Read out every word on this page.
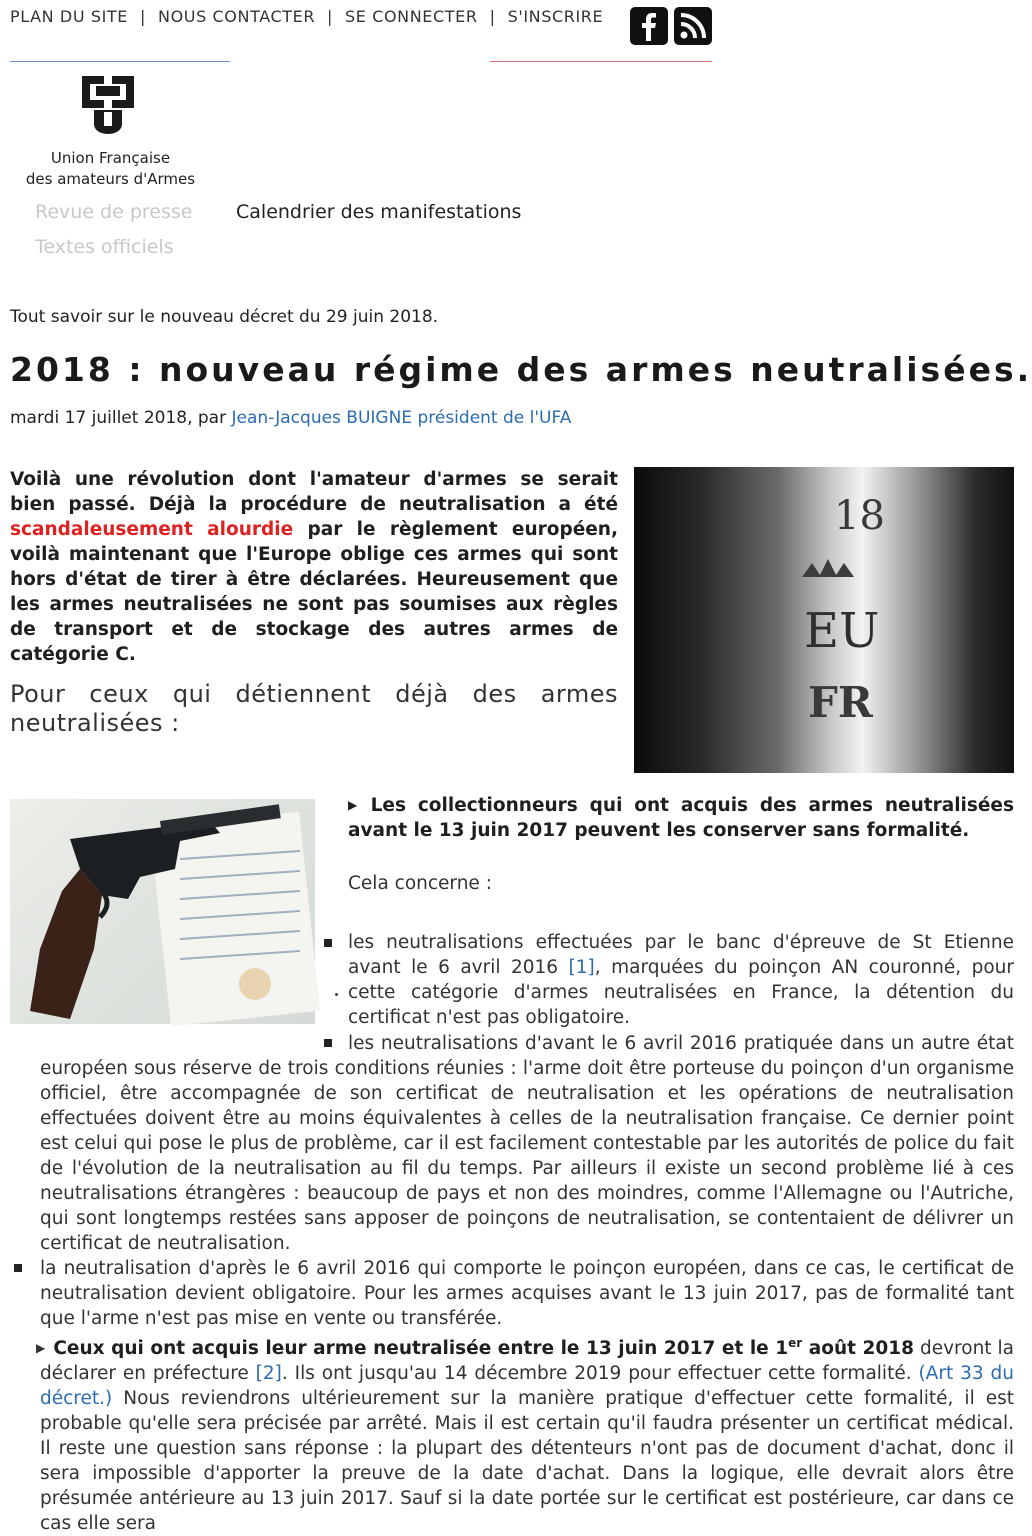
PLAN DU SITE | NOUS CONTACTER | SE CONNECTER | S'INSCRIRE
Union Française
des amateurs d'Armes
Revue de presse Calendrier des manifestations
Textes officiels
Tout savoir sur le nouveau décret du 29 juin 2018.
2018 : nouveau régime des armes neutralisées.
mardi 17 juillet 2018, par Jean-Jacques BUIGNE président de l'UFA
Voilà une révolution dont l'amateur d'armes se serait bien passé. Déjà la procédure de neutralisation a été scandaleusement alourdie par le règlement européen, voilà maintenant que l'Europe oblige ces armes qui sont hors d'état de tirer à être déclarées. Heureusement que les armes neutralisées ne sont pas soumises aux règles de transport et de stockage des autres armes de catégorie C.
Pour ceux qui détiennent déjà des armes neutralisées :
18
EU
FR
▶ Les collectionneurs qui ont acquis des armes neutralisées avant le 13 juin 2017 peuvent les conserver sans formalité.
Cela concerne :
les neutralisations effectuées par le banc d'épreuve de St Etienne avant le 6 avril 2016 [1], marquées du poinçon AN couronné, pour cette catégorie d'armes neutralisées en France, la détention du certificat n'est pas obligatoire.
les neutralisations d'avant le 6 avril 2016 pratiquée dans un autre état européen sous réserve de trois conditions réunies : l'arme doit être porteuse du poinçon d'un organisme officiel, être accompagnée de son certificat de neutralisation et les opérations de neutralisation effectuées doivent être au moins équivalentes à celles de la neutralisation française. Ce dernier point est celui qui pose le plus de problème, car il est facilement contestable par les autorités de police du fait de l'évolution de la neutralisation au fil du temps. Par ailleurs il existe un second problème lié à ces neutralisations étrangères : beaucoup de pays et non des moindres, comme l'Allemagne ou l'Autriche, qui sont longtemps restées sans apposer de poinçons de neutralisation, se contentaient de délivrer un certificat de neutralisation.
la neutralisation d'après le 6 avril 2016 qui comporte le poinçon européen, dans ce cas, le certificat de neutralisation devient obligatoire. Pour les armes acquises avant le 13 juin 2017, pas de formalité tant que l'arme n'est pas mise en vente ou transférée.
▶ Ceux qui ont acquis leur arme neutralisée entre le 13 juin 2017 et le 1er août 2018 devront la déclarer en préfecture [2]. Ils ont jusqu'au 14 décembre 2019 pour effectuer cette formalité. (Art 33 du décret.) Nous reviendrons ultérieurement sur la manière pratique d'effectuer cette formalité, il est probable qu'elle sera précisée par arrêté. Mais il est certain qu'il faudra présenter un certificat médical. Il reste une question sans réponse : la plupart des détenteurs n'ont pas de document d'achat, donc il sera impossible d'apporter la preuve de la date d'achat. Dans la logique, elle devrait alors être présumée antérieure au 13 juin 2017. Sauf si la date portée sur le certificat est postérieure, car dans ce cas elle sera
